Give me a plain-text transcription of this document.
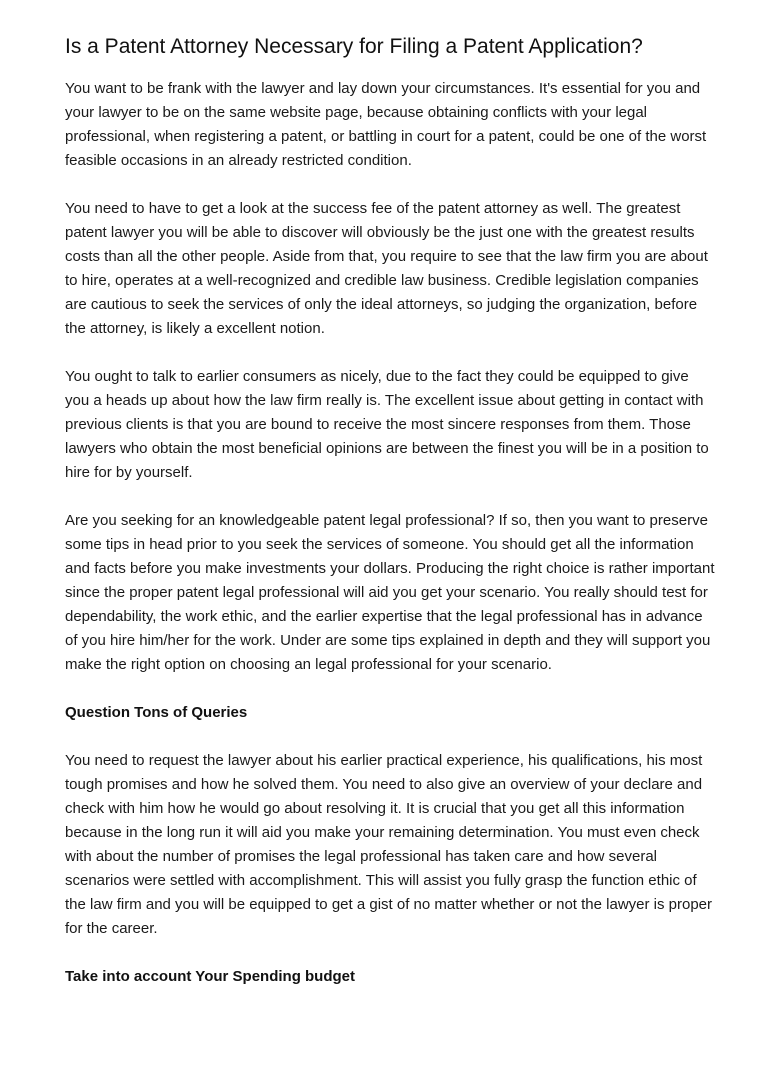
Is a Patent Attorney Necessary for Filing a Patent Application?

You want to be frank with the lawyer and lay down your circumstances. It's essential for you and your lawyer to be on the same website page, because obtaining conflicts with your legal professional, when registering a patent, or battling in court for a patent, could be one of the worst feasible occasions in an already restricted condition.

You need to have to get a look at the success fee of the patent attorney as well. The greatest patent lawyer you will be able to discover will obviously be the just one with the greatest results costs than all the other people. Aside from that, you require to see that the law firm you are about to hire, operates at a well-recognized and credible law business. Credible legislation companies are cautious to seek the services of only the ideal attorneys, so judging the organization, before the attorney, is likely a excellent notion.

You ought to talk to earlier consumers as nicely, due to the fact they could be equipped to give you a heads up about how the law firm really is. The excellent issue about getting in contact with previous clients is that you are bound to receive the most sincere responses from them. Those lawyers who obtain the most beneficial opinions are between the finest you will be in a position to hire for by yourself.

Are you seeking for an knowledgeable patent legal professional? If so, then you want to preserve some tips in head prior to you seek the services of someone. You should get all the information and facts before you make investments your dollars. Producing the right choice is rather important since the proper patent legal professional will aid you get your scenario. You really should test for dependability, the work ethic, and the earlier expertise that the legal professional has in advance of you hire him/her for the work. Under are some tips explained in depth and they will support you make the right option on choosing an legal professional for your scenario.

Question Tons of Queries

You need to request the lawyer about his earlier practical experience, his qualifications, his most tough promises and how he solved them. You need to also give an overview of your declare and check with him how he would go about resolving it. It is crucial that you get all this information because in the long run it will aid you make your remaining determination. You must even check with about the number of promises the legal professional has taken care and how several scenarios were settled with accomplishment. This will assist you fully grasp the function ethic of the law firm and you will be equipped to get a gist of no matter whether or not the lawyer is proper for the career.

Take into account Your Spending budget
